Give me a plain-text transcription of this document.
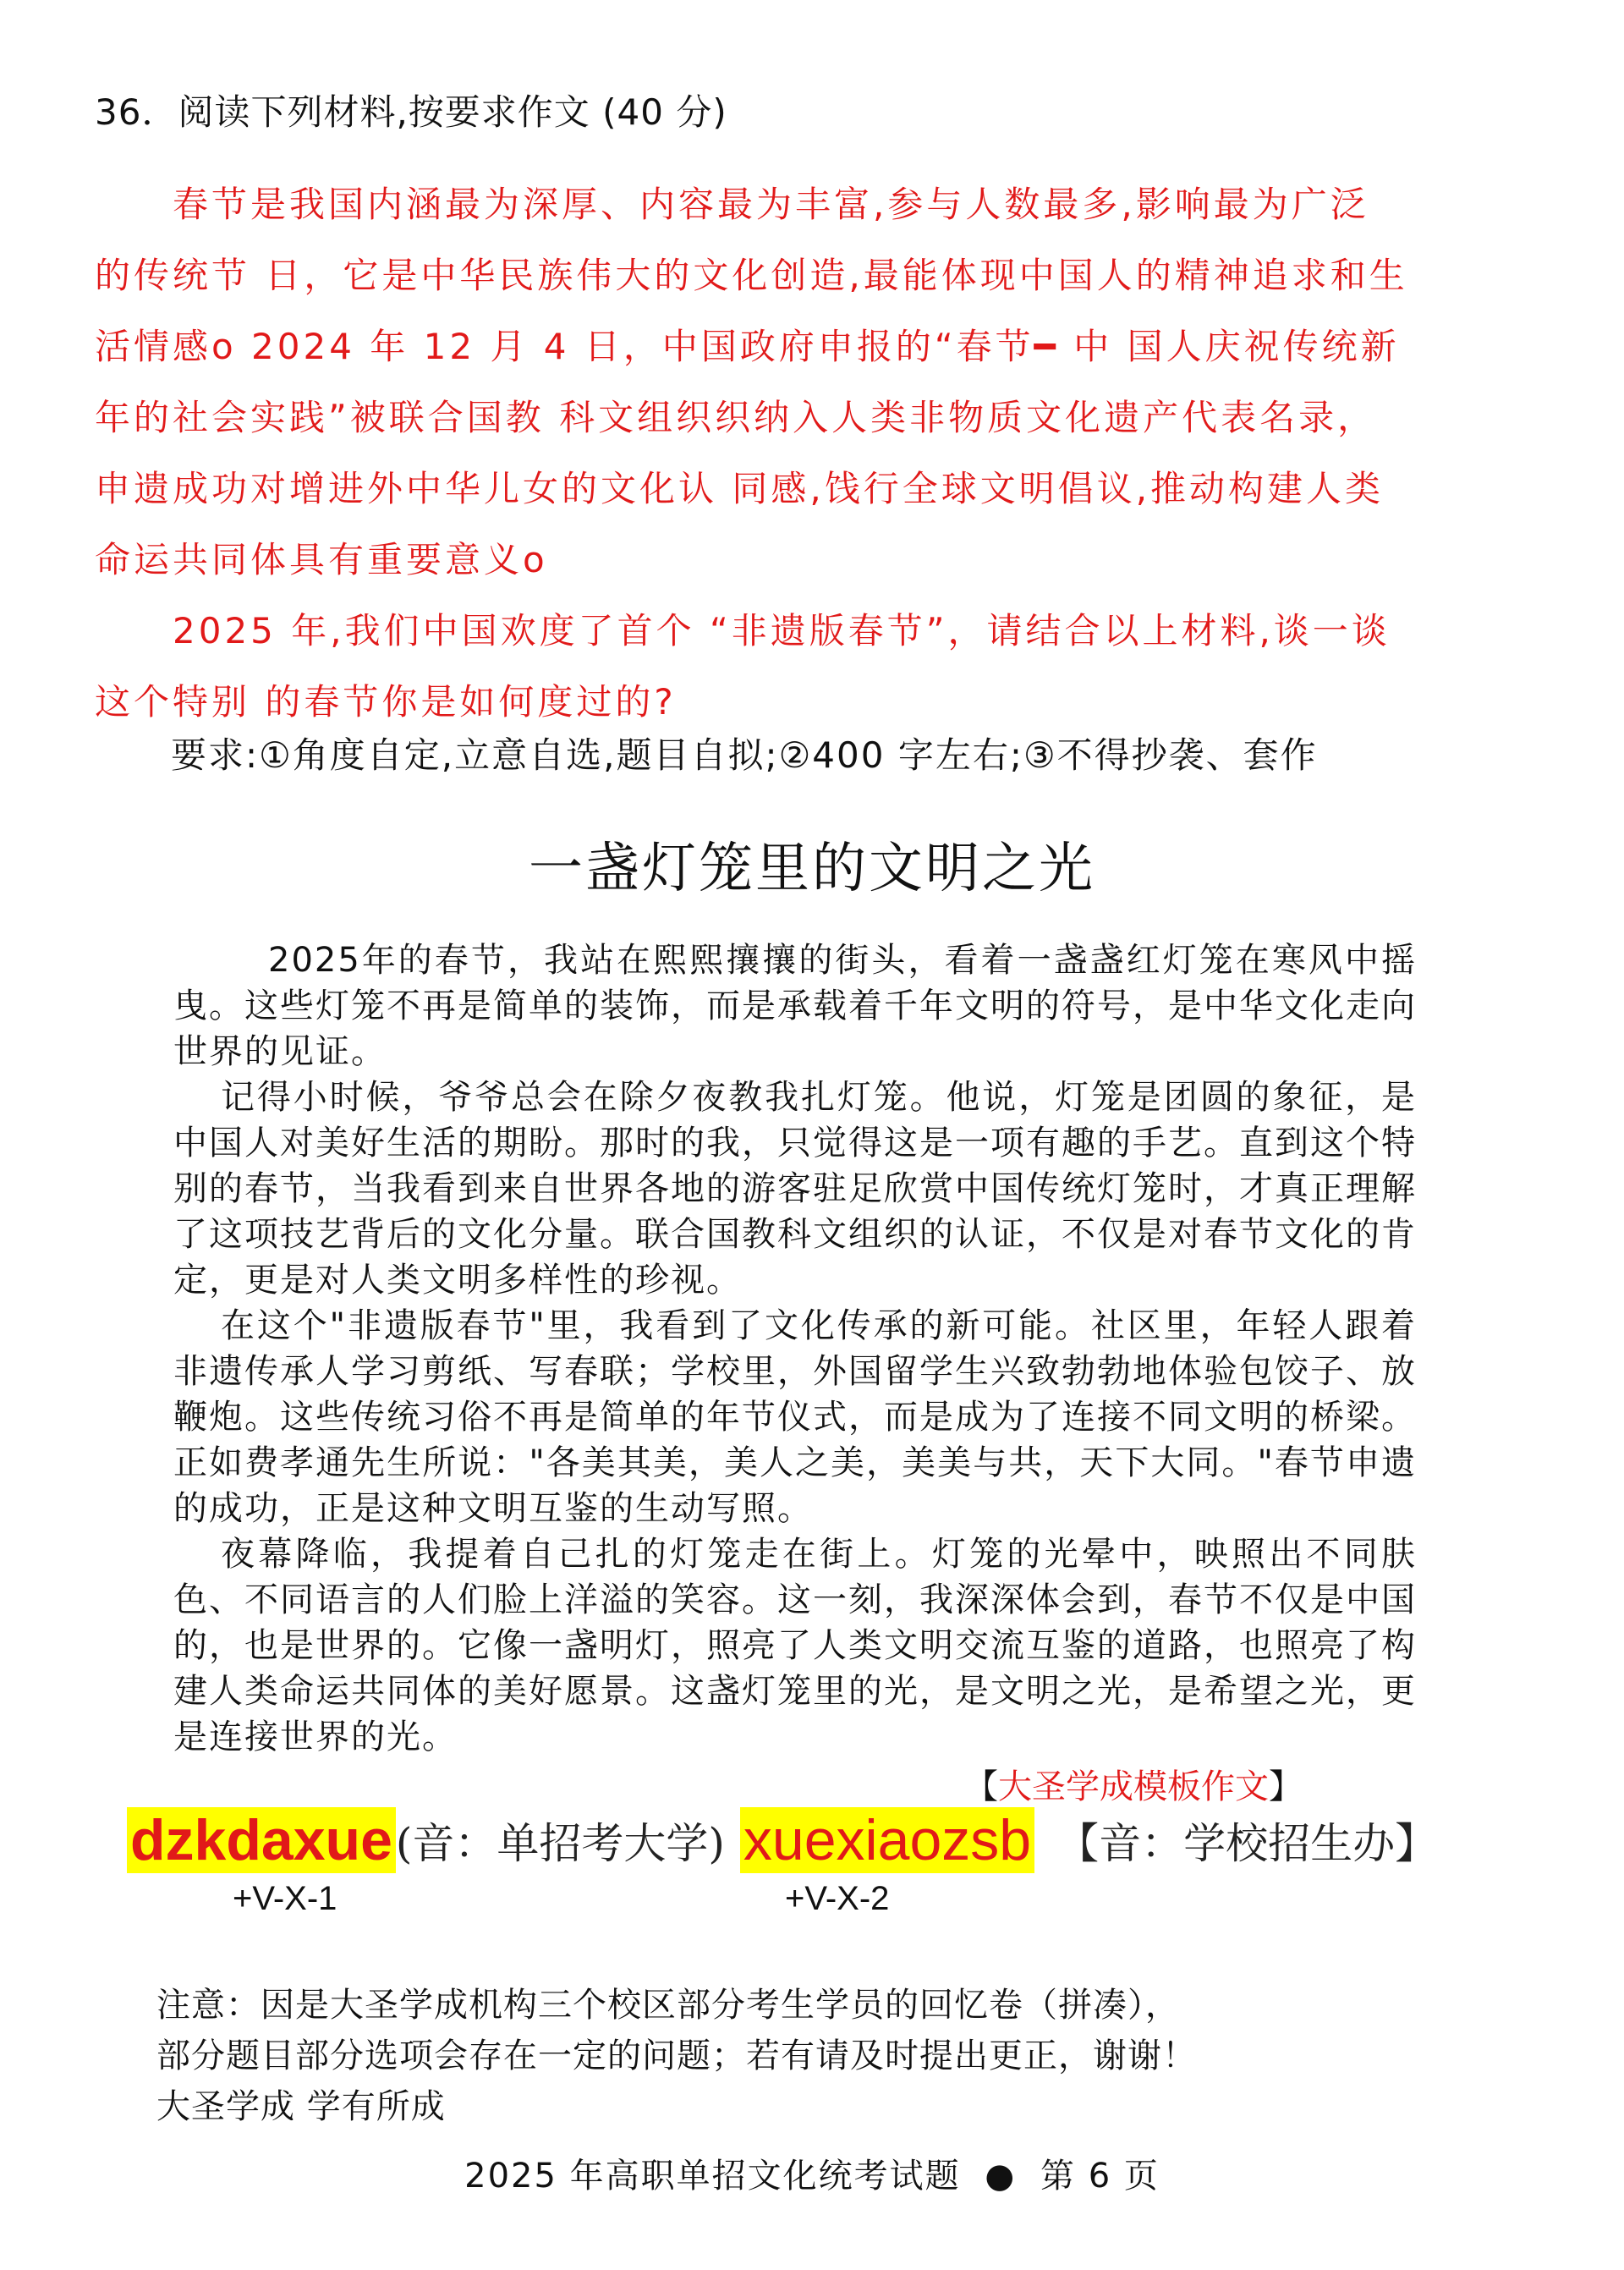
36．阅读下列材料,按要求作文 (40 分)

春节是我国内涵最为深厚、内容最为丰富,参与人数最多,影响最为广泛
的传统节 日，它是中华民族伟大的文化创造,最能体现中国人的精神追求和生
活情感o 2024 年 12 月 4 日，中国政府申报的“春节━ 中 国人庆祝传统新
年的社会实践”被联合国教 科文组织织纳入人类非物质文化遗产代表名录，
申遗成功对增进外中华儿女的文化认 同感,饯行全球文明倡议,推动构建人类
命运共同体具有重要意义o

2025 年,我们中国欢度了首个 “非遗版春节”，请结合以上材料,谈一谈
这个特别 的春节你是如何度过的?

要求:①角度自定,立意自选,题目自拟;②400 字左右;③不得抄袭、套作
一盏灯笼里的文明之光

2025年的春节，我站在熙熙攘攘的街头，看着一盏盏红灯笼在寒风中摇曳。这些灯笼不再是简单的装饰，而是承载着千年文明的符号，是中华文化走向世界的见证。

记得小时候，爷爷总会在除夕夜教我扎灯笼。他说，灯笼是团圆的象征，是中国人对美好生活的期盼。那时的我，只觉得这是一项有趣的手艺。直到这个特别的春节，当我看到来自世界各地的游客驻足欣赏中国传统灯笼时，才真正理解了这项技艺背后的文化分量。联合国教科文组织的认证，不仅是对春节文化的肯定，更是对人类文明多样性的珍视。

在这个"非遗版春节"里，我看到了文化传承的新可能。社区里，年轻人跟着非遗传承人学习剪纸、写春联；学校里，外国留学生兴致勃勃地体验包饺子、放鞭炮。这些传统习俗不再是简单的年节仪式，而是成为了连接不同文明的桥梁。正如费孝通先生所说："各美其美，美人之美，美美与共，天下大同。"春节申遗的成功，正是这种文明互鉴的生动写照。

夜幕降临，我提着自己扎的灯笼走在街上。灯笼的光晕中，映照出不同肤色、不同语言的人们脸上洋溢的笑容。这一刻，我深深体会到，春节不仅是中国的，也是世界的。它像一盏明灯，照亮了人类文明交流互鉴的道路，也照亮了构建人类命运共同体的美好愿景。这盏灯笼里的光，是文明之光，是希望之光，更是连接世界的光。

【大圣学成模板作文】
dzkdaxue (音：单招考大学) xuexiaozsb 【音：学校招生办】
+V-X-1	+V-X-2
注意：因是大圣学成机构三个校区部分考生学员的回忆卷（拼凑），
部分题目部分选项会存在一定的问题；若有请及时提出更正，谢谢！
大圣学成 学有所成
2025 年高职单招文化统考试题 ● 第 6 页
